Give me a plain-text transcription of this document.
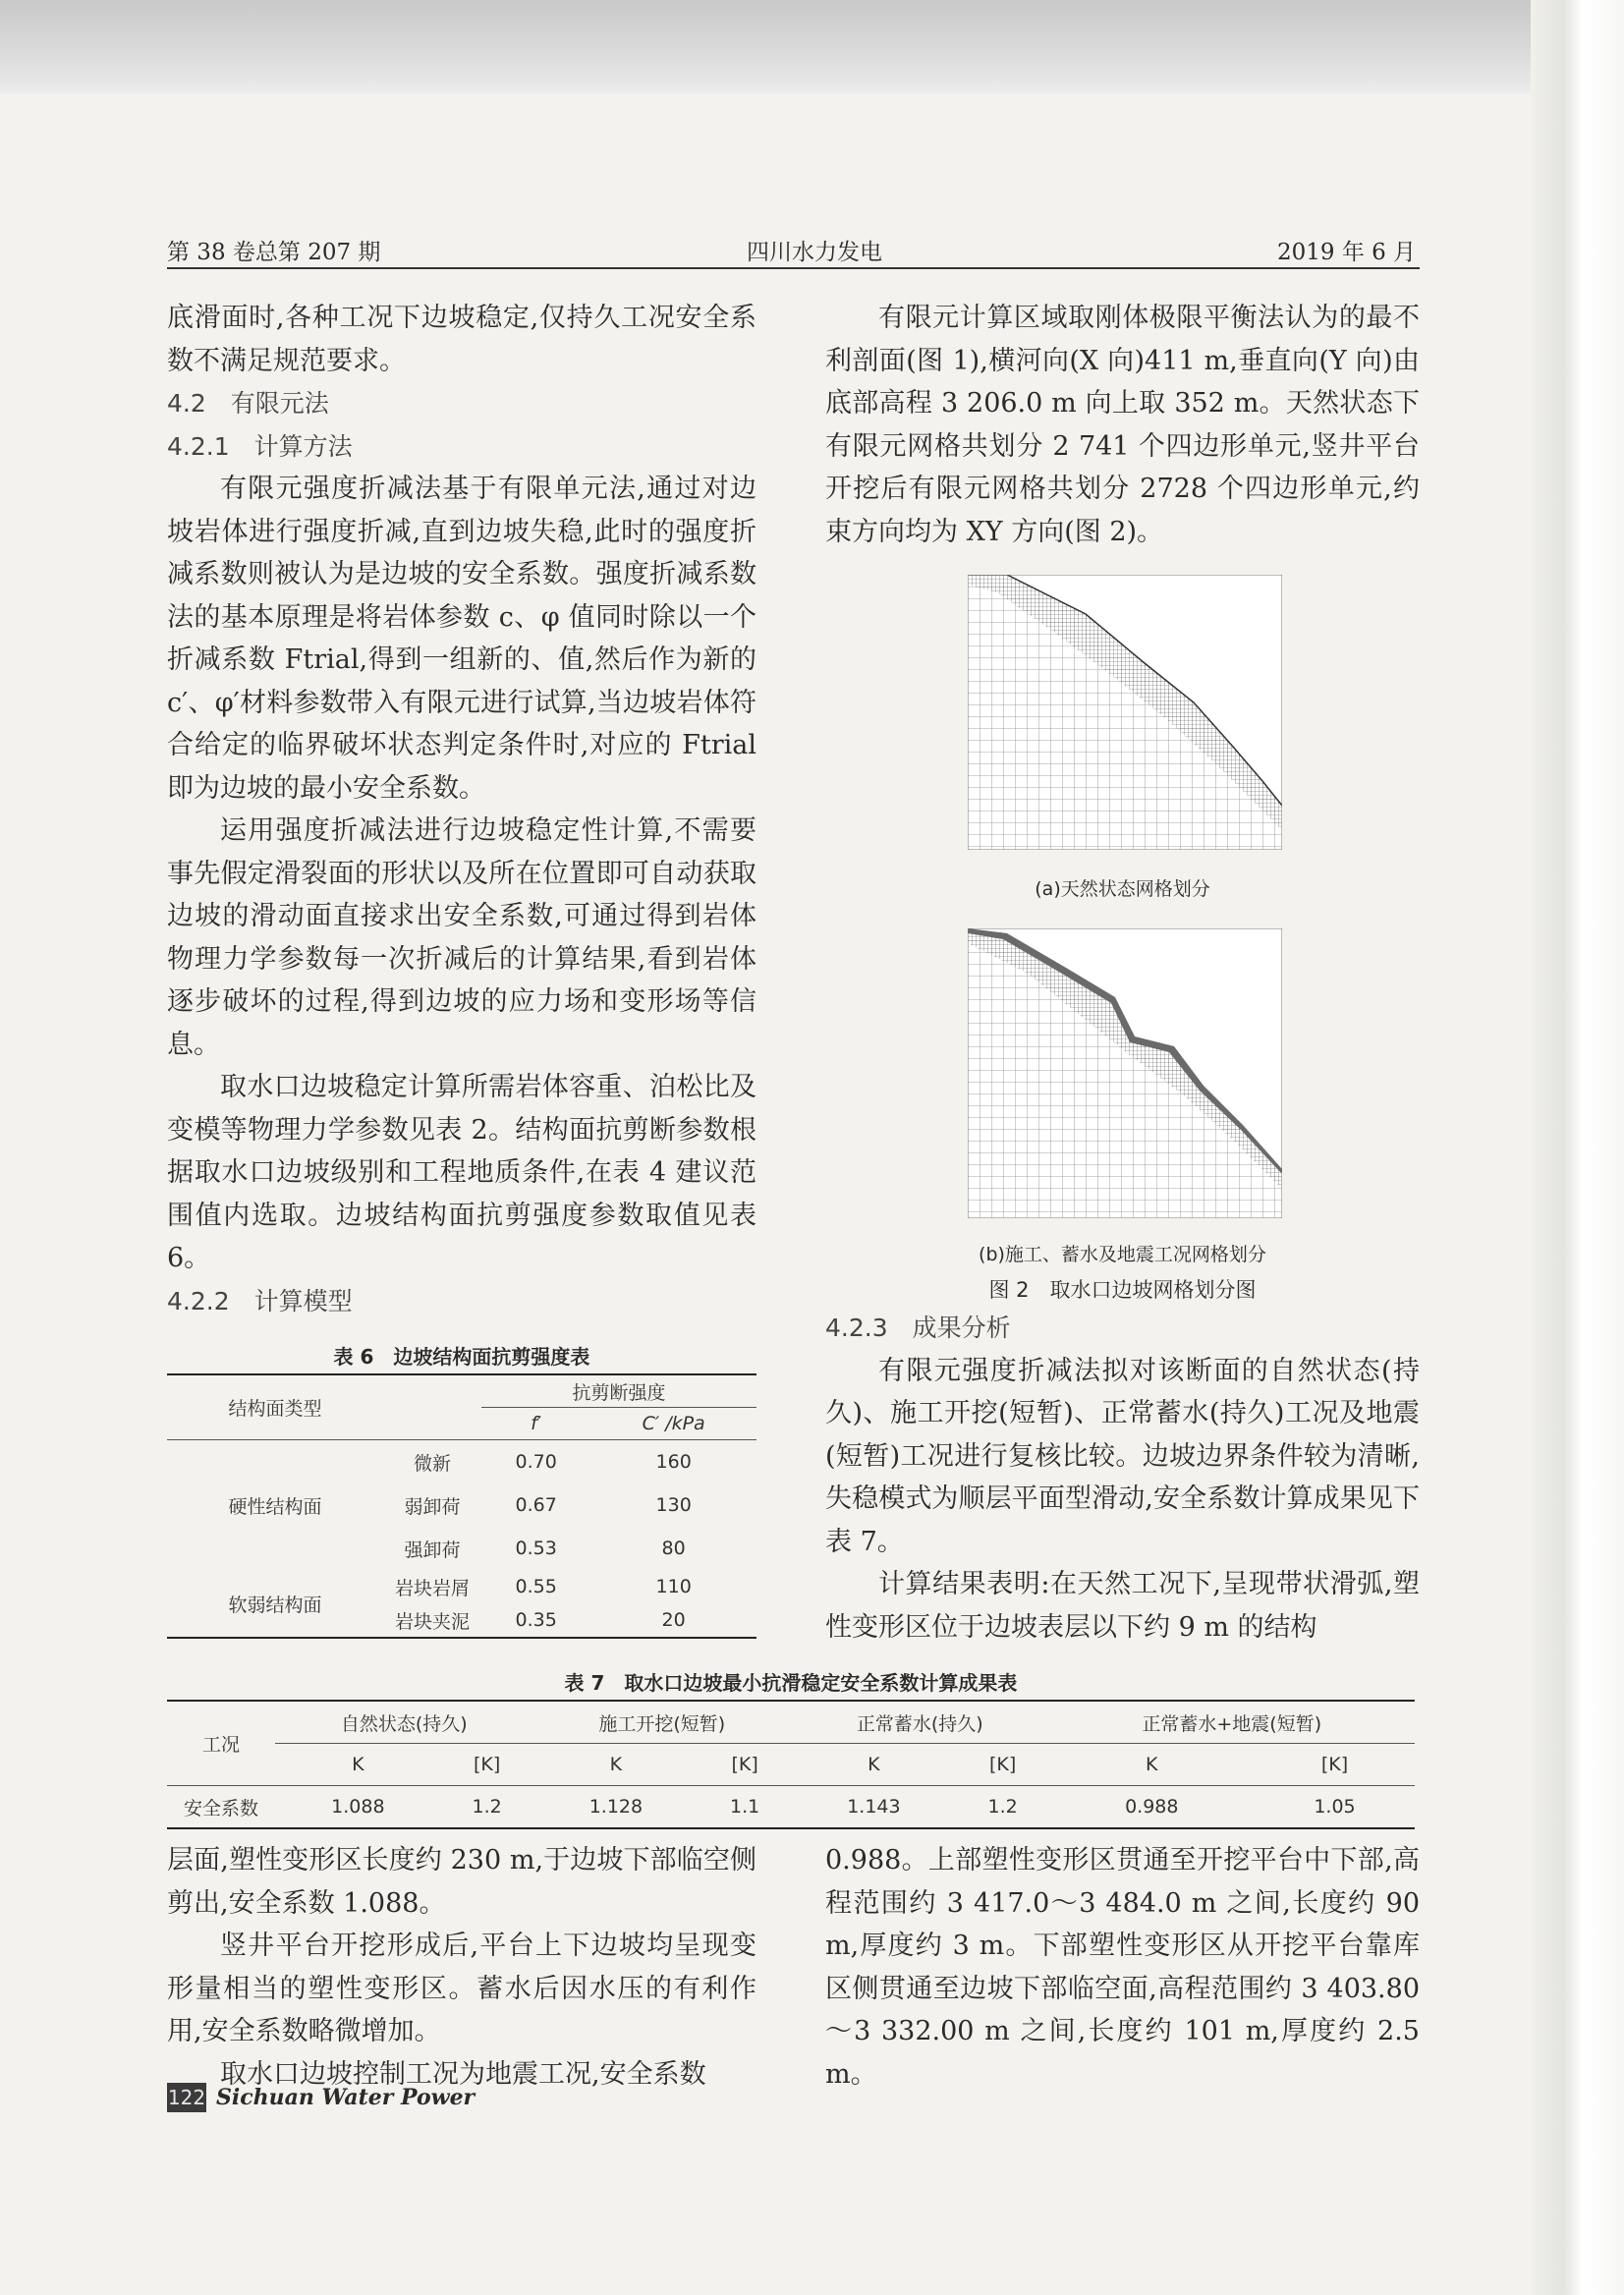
第 38 卷总第 207 期	四川水力发电	2019 年 6 月

底滑面时,各种工况下边坡稳定,仅持久工况安全系数不满足规范要求。

4.2　有限元法

4.2.1　计算方法

有限元强度折减法基于有限单元法,通过对边坡岩体进行强度折减,直到边坡失稳,此时的强度折减系数则被认为是边坡的安全系数。强度折减系数法的基本原理是将岩体参数 c、φ 值同时除以一个折减系数 Ftrial,得到一组新的、值,然后作为新的 c′、φ′材料参数带入有限元进行试算,当边坡岩体符合给定的临界破坏状态判定条件时,对应的 Ftrial 即为边坡的最小安全系数。

运用强度折减法进行边坡稳定性计算,不需要事先假定滑裂面的形状以及所在位置即可自动获取边坡的滑动面直接求出安全系数,可通过得到岩体物理力学参数每一次折减后的计算结果,看到岩体逐步破坏的过程,得到边坡的应力场和变形场等信息。

取水口边坡稳定计算所需岩体容重、泊松比及变模等物理力学参数见表 2。结构面抗剪断参数根据取水口边坡级别和工程地质条件,在表 4 建议范围值内选取。边坡结构面抗剪强度参数取值见表 6。

4.2.2　计算模型

表 6　边坡结构面抗剪强度表
结构面类型		抗剪断强度	
		f′	C′ /kPa
硬性结构面	微新	0.70	160
	弱卸荷	0.67	130
	强卸荷	0.53	80
软弱结构面	岩块岩屑	0.55	110
	岩块夹泥	0.35	20

有限元计算区域取刚体极限平衡法认为的最不利剖面(图 1),横河向(X 向)411 m,垂直向(Y 向)由底部高程 3 206.0 m 向上取 352 m。天然状态下有限元网格共划分 2 741 个四边形单元,竖井平台开挖后有限元网格共划分 2728 个四边形单元,约束方向均为 XY 方向(图 2)。

(a)天然状态网格划分
(b)施工、蓄水及地震工况网格划分
图 2　取水口边坡网格划分图

4.2.3　成果分析

有限元强度折减法拟对该断面的自然状态(持久)、施工开挖(短暂)、正常蓄水(持久)工况及地震(短暂)工况进行复核比较。边坡边界条件较为清晰,失稳模式为顺层平面型滑动,安全系数计算成果见下表 7。

计算结果表明:在天然工况下,呈现带状滑弧,塑性变形区位于边坡表层以下约 9 m 的结构

表 7　取水口边坡最小抗滑稳定安全系数计算成果表
工况	自然状态(持久)		施工开挖(短暂)		正常蓄水(持久)		正常蓄水+地震(短暂)	
	K	[K]	K	[K]	K	[K]	K	[K]
安全系数	1.088	1.2	1.128	1.1	1.143	1.2	0.988	1.05

层面,塑性变形区长度约 230 m,于边坡下部临空侧剪出,安全系数 1.088。

竖井平台开挖形成后,平台上下边坡均呈现变形量相当的塑性变形区。蓄水后因水压的有利作用,安全系数略微增加。

取水口边坡控制工况为地震工况,安全系数

0.988。上部塑性变形区贯通至开挖平台中下部,高程范围约 3 417.0～3 484.0 m 之间,长度约 90 m,厚度约 3 m。下部塑性变形区从开挖平台靠库区侧贯通至边坡下部临空面,高程范围约 3 403.80～3 332.00 m 之间,长度约 101 m,厚度约 2.5 m。

122 Sichuan Water Power
